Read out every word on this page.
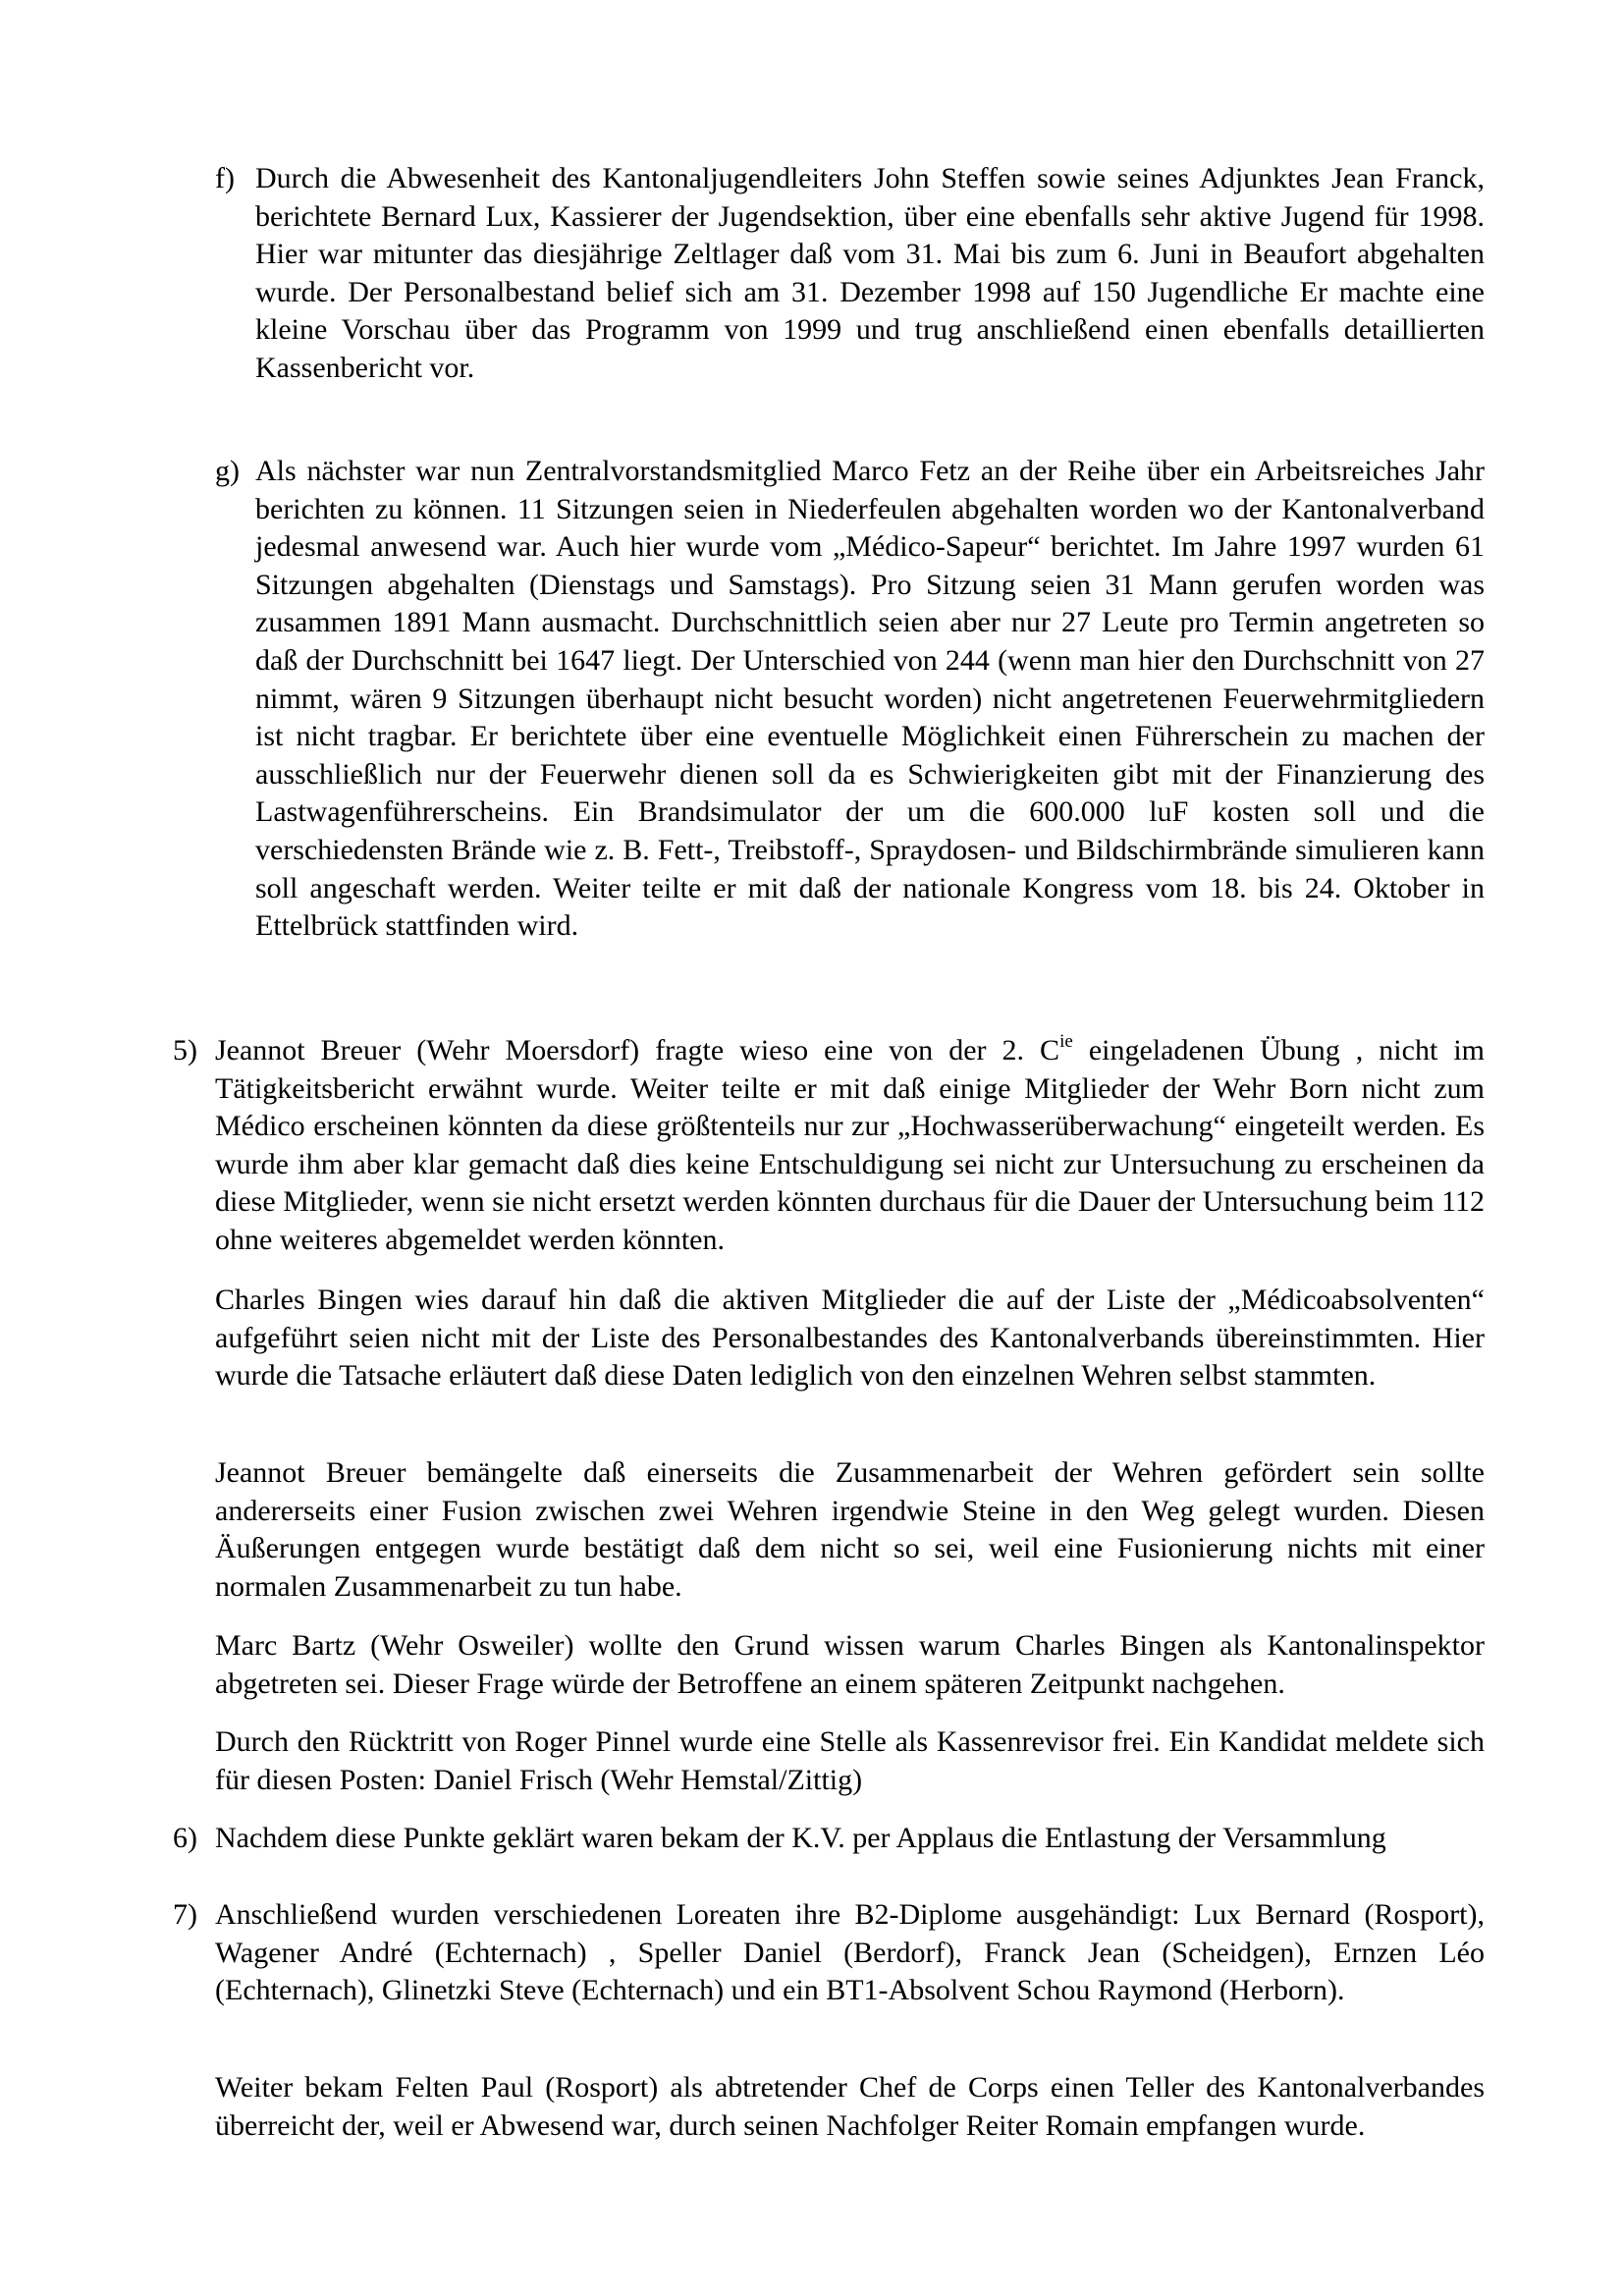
f) Durch die Abwesenheit des Kantonaljugendleiters John Steffen sowie seines Adjunktes Jean Franck, berichtete Bernard Lux, Kassierer der Jugendsektion, über eine ebenfalls sehr aktive Jugend für 1998. Hier war mitunter das diesjährige Zeltlager daß vom 31. Mai bis zum 6. Juni in Beaufort abgehalten wurde. Der Personalbestand belief sich am 31. Dezember 1998 auf 150 Jugendliche Er machte eine kleine Vorschau über das Programm von 1999 und trug anschließend einen ebenfalls detaillierten Kassenbericht vor.
g) Als nächster war nun Zentralvorstandsmitglied Marco Fetz an der Reihe über ein Arbeitsreiches Jahr berichten zu können. 11 Sitzungen seien in Niederfeulen abgehalten worden wo der Kantonalverband jedesmal anwesend war. Auch hier wurde vom „Médico-Sapeur“ berichtet. Im Jahre 1997 wurden 61 Sitzungen abgehalten (Dienstags und Samstags). Pro Sitzung seien 31 Mann gerufen worden was zusammen 1891 Mann ausmacht. Durchschnittlich seien aber nur 27 Leute pro Termin angetreten so daß der Durchschnitt bei 1647 liegt. Der Unterschied von 244 (wenn man hier den Durchschnitt von 27 nimmt, wären 9 Sitzungen überhaupt nicht besucht worden) nicht angetretenen Feuerwehrmitgliedern ist nicht tragbar. Er berichtete über eine eventuelle Möglichkeit einen Führerschein zu machen der ausschließlich nur der Feuerwehr dienen soll da es Schwierigkeiten gibt mit der Finanzierung des Lastwagenführerscheins. Ein Brandsimulator der um die 600.000 luF kosten soll und die verschiedensten Brände wie z. B. Fett-, Treibstoff-, Spraydosen- und Bildschirmbrände simulieren kann soll angeschaft werden. Weiter teilte er mit daß der nationale Kongress vom 18. bis 24. Oktober in Ettelbrück stattfinden wird.
5) Jeannot Breuer (Wehr Moersdorf) fragte wieso eine von der 2. $C^{ie}$ eingeladenen Übung , nicht im Tätigkeitsbericht erwähnt wurde. Weiter teilte er mit daß einige Mitglieder der Wehr Born nicht zum Médico erscheinen könnten da diese größtenteils nur zur „Hochwasserüberwachung“ eingeteilt werden. Es wurde ihm aber klar gemacht daß dies keine Entschuldigung sei nicht zur Untersuchung zu erscheinen da diese Mitglieder, wenn sie nicht ersetzt werden könnten durchaus für die Dauer der Untersuchung beim 112 ohne weiteres abgemeldet werden könnten.

Charles Bingen wies darauf hin daß die aktiven Mitglieder die auf der Liste der „Médicoabsolventen“ aufgeführt seien nicht mit der Liste des Personalbestandes des Kantonalverbands übereinstimmten. Hier wurde die Tatsache erläutert daß diese Daten lediglich von den einzelnen Wehren selbst stammten.

Jeannot Breuer bemängelte daß einerseits die Zusammenarbeit der Wehren gefördert sein sollte andererseits einer Fusion zwischen zwei Wehren irgendwie Steine in den Weg gelegt wurden. Diesen Äußerungen entgegen wurde bestätigt daß dem nicht so sei, weil eine Fusionierung nichts mit einer normalen Zusammenarbeit zu tun habe.

Marc Bartz (Wehr Osweiler) wollte den Grund wissen warum Charles Bingen als Kantonalinspektor abgetreten sei. Dieser Frage würde der Betroffene an einem späteren Zeitpunkt nachgehen.

Durch den Rücktritt von Roger Pinnel wurde eine Stelle als Kassenrevisor frei. Ein Kandidat meldete sich für diesen Posten: Daniel Frisch (Wehr Hemstal/Zittig)

6) Nachdem diese Punkte geklärt waren bekam der K.V. per Applaus die Entlastung der Versammlung
7) Anschließend wurden verschiedenen Loreaten ihre B2-Diplome ausgehändigt: Lux Bernard (Rosport), Wagener André (Echternach) , Speller Daniel (Berdorf), Franck Jean (Scheidgen), Ernzen Léo (Echternach), Glinetzki Steve (Echternach) und ein BT1-Absolvent Schou Raymond (Herborn).

Weiter bekam Felten Paul (Rosport) als abtretender Chef de Corps einen Teller des Kantonalverbandes überreicht der, weil er Abwesend war, durch seinen Nachfolger Reiter Romain empfangen wurde.
